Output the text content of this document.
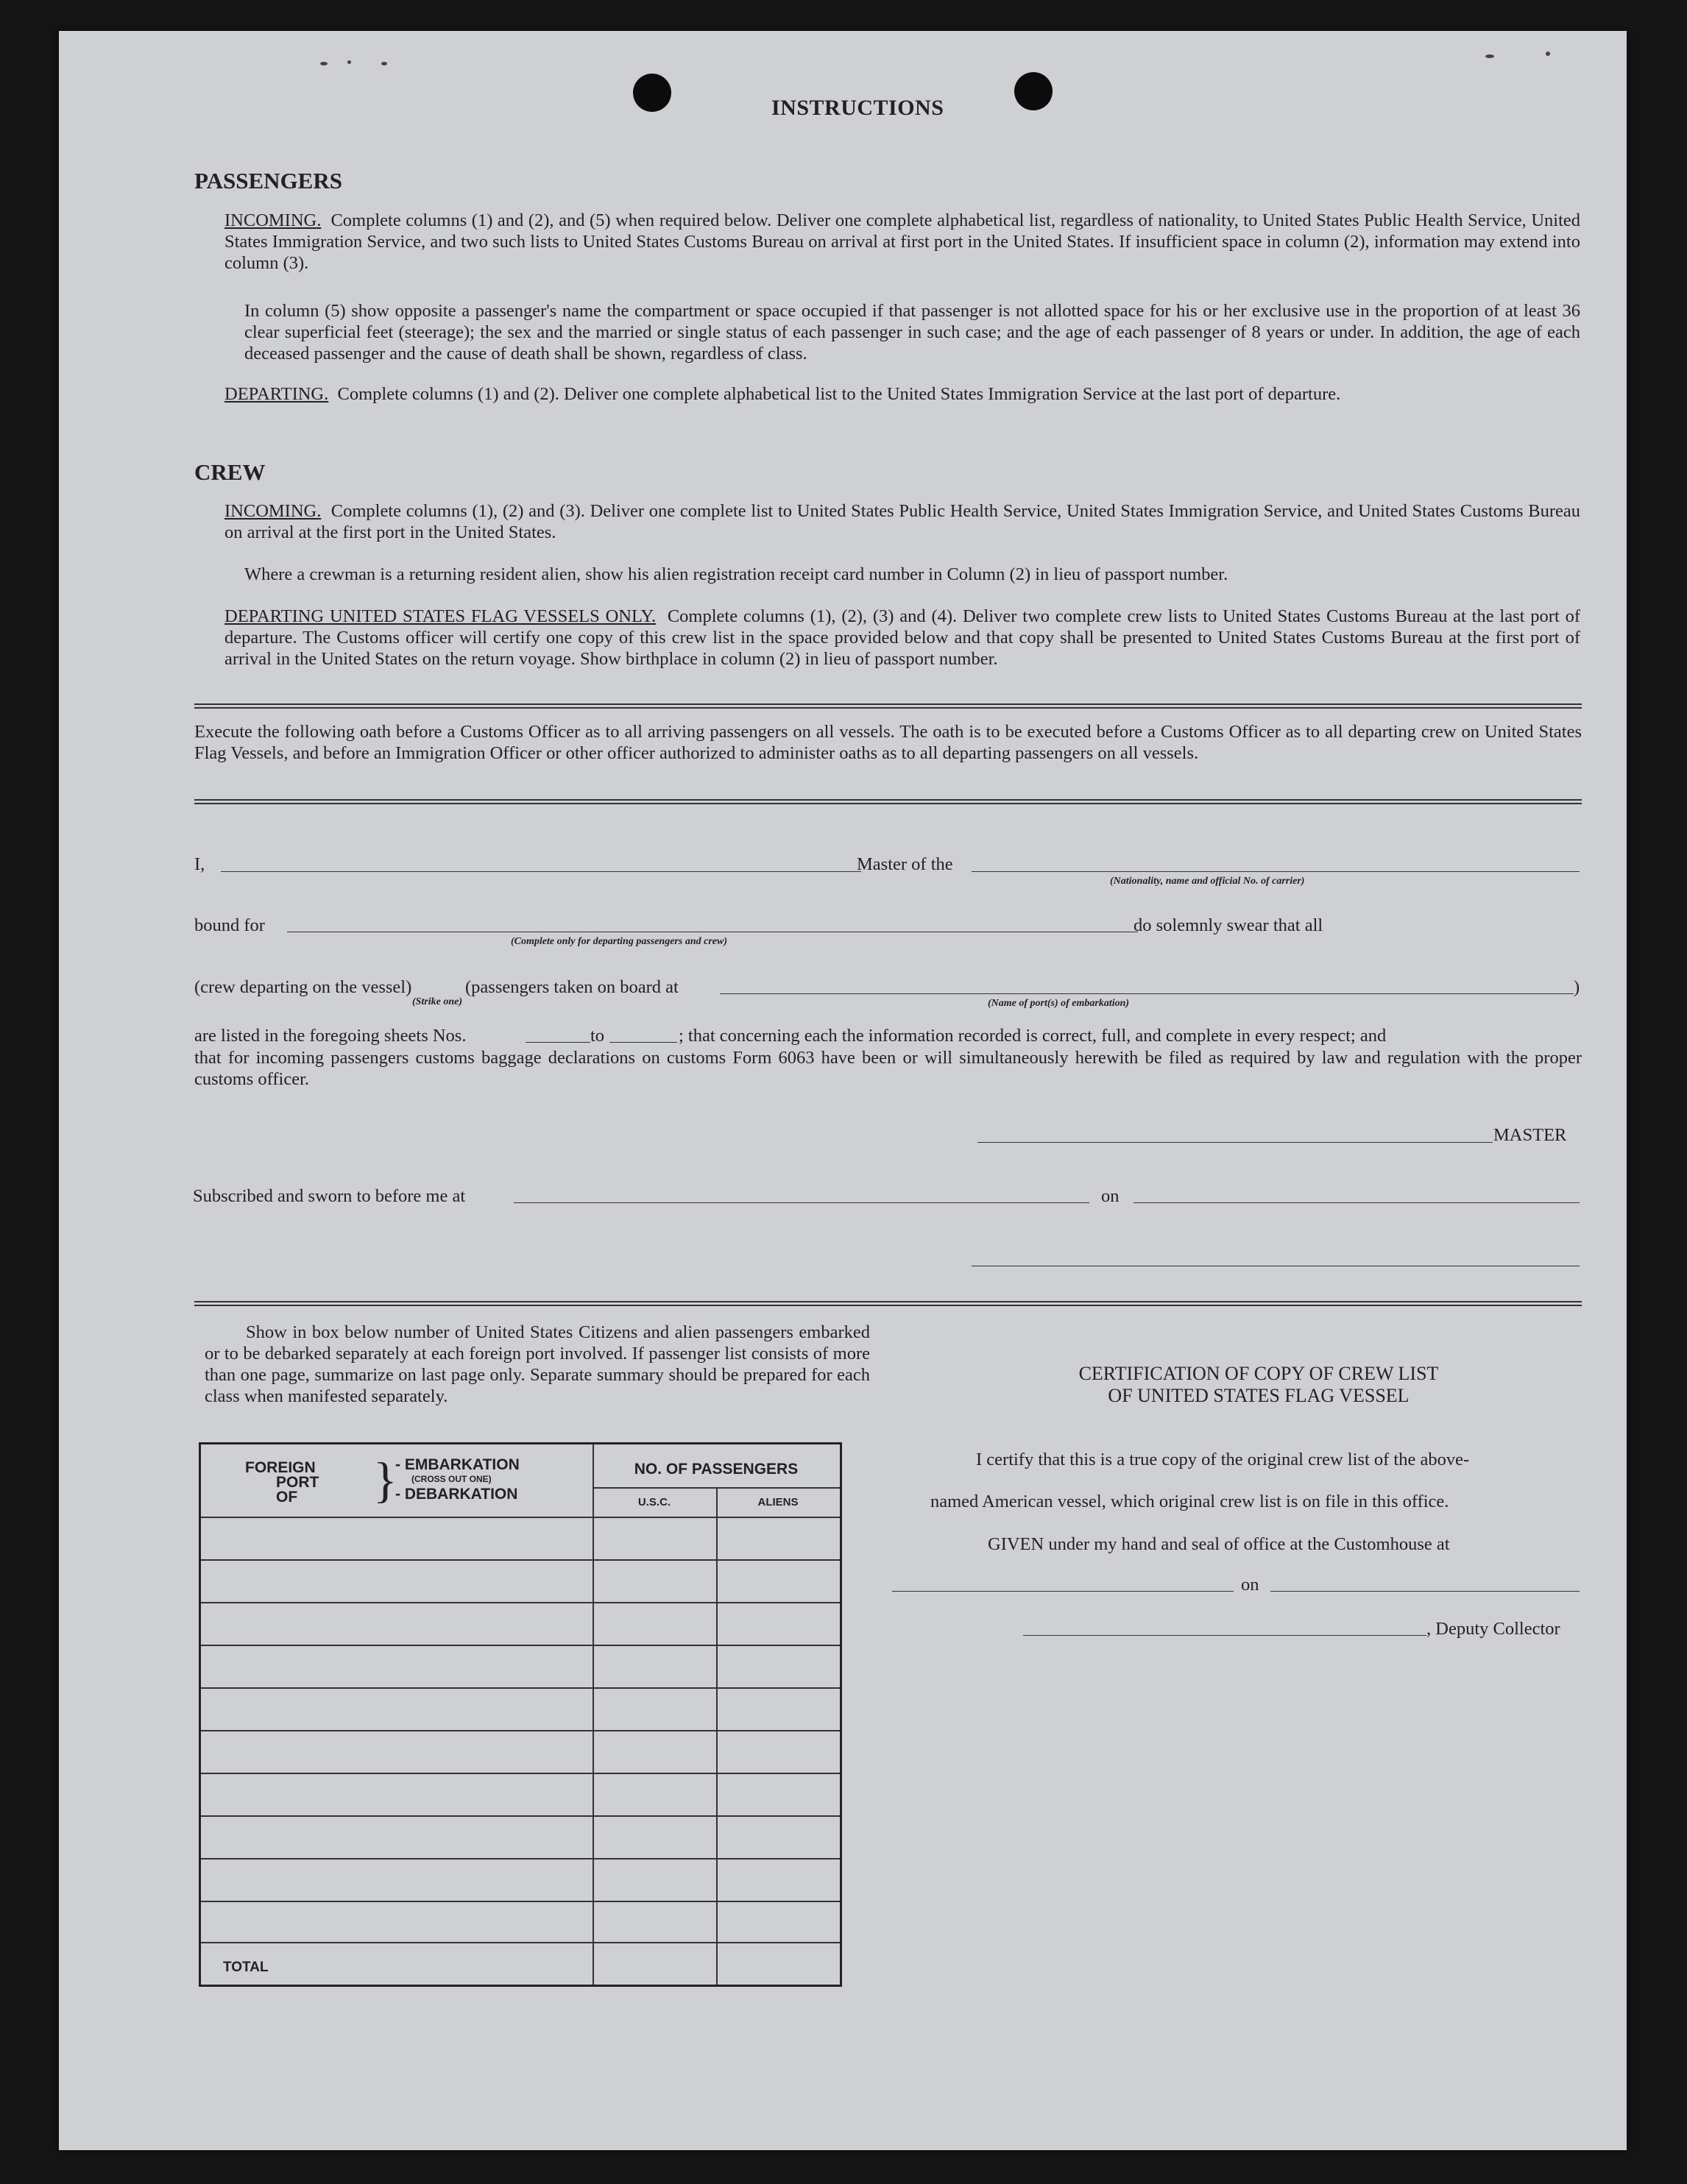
INSTRUCTIONS
PASSENGERS
INCOMING. Complete columns (1) and (2), and (5) when required below. Deliver one complete alphabetical list, regardless of nationality, to United States Public Health Service, United States Immigration Service, and two such lists to United States Customs Bureau on arrival at first port in the United States. If insufficient space in column (2), information may extend into column (3).
In column (5) show opposite a passenger's name the compartment or space occupied if that passenger is not allotted space for his or her exclusive use in the proportion of at least 36 clear superficial feet (steerage); the sex and the married or single status of each passenger in such case; and the age of each passenger of 8 years or under. In addition, the age of each deceased passenger and the cause of death shall be shown, regardless of class.
DEPARTING. Complete columns (1) and (2). Deliver one complete alphabetical list to the United States Immigration Service at the last port of departure.
CREW
INCOMING. Complete columns (1), (2) and (3). Deliver one complete list to United States Public Health Service, United States Immigration Service, and United States Customs Bureau on arrival at the first port in the United States.
Where a crewman is a returning resident alien, show his alien registration receipt card number in Column (2) in lieu of passport number.
DEPARTING UNITED STATES FLAG VESSELS ONLY. Complete columns (1), (2), (3) and (4). Deliver two complete crew lists to United States Customs Bureau at the last port of departure. The Customs officer will certify one copy of this crew list in the space provided below and that copy shall be presented to United States Customs Bureau at the first port of arrival in the United States on the return voyage. Show birthplace in column (2) in lieu of passport number.
Execute the following oath before a Customs Officer as to all arriving passengers on all vessels. The oath is to be executed before a Customs Officer as to all departing crew on United States Flag Vessels, and before an Immigration Officer or other officer authorized to administer oaths as to all departing passengers on all vessels.
I,	Master of the
(Nationality, name and official No. of carrier)
bound for
(Complete only for departing passengers and crew)
do solemnly swear that all
(crew departing on the vessel)
(Strike one)
(passengers taken on board at
(Name of port(s) of embarkation)
)
are listed in the foregoing sheets Nos.	to	; that concerning each the information recorded is correct, full, and complete in every respect; and
that for incoming passengers customs baggage declarations on customs Form 6063 have been or will simultaneously herewith be filed as required by law and regulation with the proper customs officer.
MASTER
Subscribed and sworn to before me at	on
Show in box below number of United States Citizens and alien passengers embarked or to be debarked separately at each foreign port involved. If passenger list consists of more than one page, summarize on last page only. Separate summary should be prepared for each class when manifested separately.
FOREIGN
PORT
OF }
- EMBARKATION
(CROSS OUT ONE)
- DEBARKATION
NO. OF PASSENGERS
U.S.C.	ALIENS
TOTAL
CERTIFICATION OF COPY OF CREW LIST
OF UNITED STATES FLAG VESSEL
I certify that this is a true copy of the original crew list of the above-
named American vessel, which original crew list is on file in this office.
GIVEN under my hand and seal of office at the Customhouse at
on
, Deputy Collector
